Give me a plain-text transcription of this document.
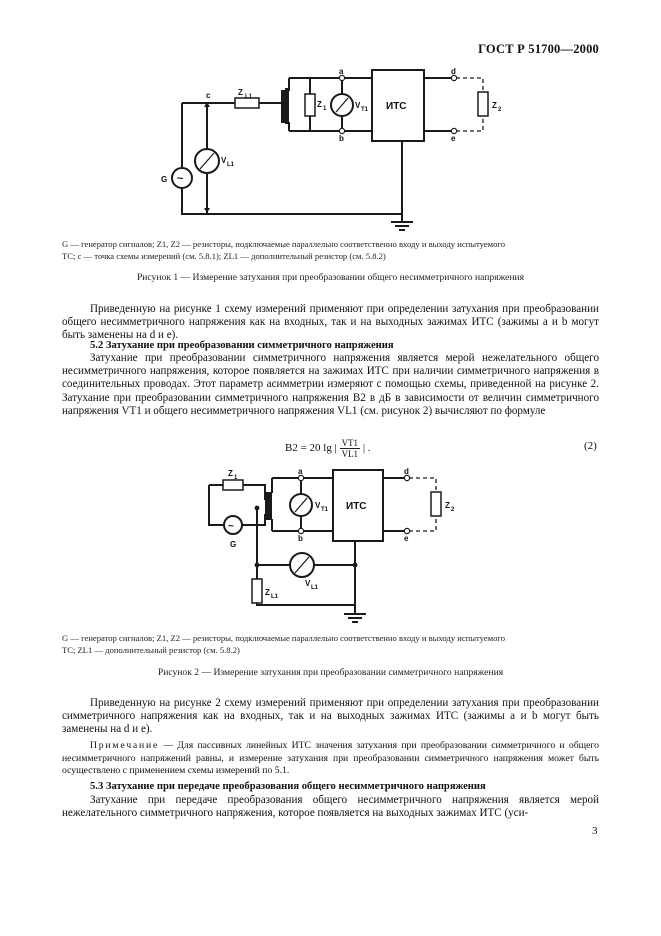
ГОСТ Р 51700—2000
ИТС
~
G
c	Z L1
Z 1	V T1
a
b
d
e
Z 2
V L1
G — генератор сигналов; Z1, Z2 — резисторы, подключаемые параллельно соответственно входу и выходу испытуемого
ТС; c — точка схемы измерений (см. 5.8.1); ZL1 — дополнительный резистор (см. 5.8.2)
Рисунок 1 — Измерение затухания при преобразовании общего несимметричного напряжения
Приведенную на рисунке 1 схему измерений применяют при определении затухания при преобразовании общего несимметричного напряжения как на входных, так и на выходных зажимах ИТС (зажимы a и b могут быть заменены на d и e).
5.2 Затухание при преобразовании симметричного напряжения
Затухание при преобразовании симметричного напряжения является мерой нежелательного общего несимметричного напряжения, которое появляется на зажимах ИТС при наличии симметричного напряжения в соединительных проводах. Этот параметр асимметрии измеряют с помощью схемы, приведенной на рисунке 2. Затухание при преобразовании симметричного напряжения B2 в дБ в зависимости от величин симметричного напряжения VT1 и общего несимметричного напряжения VL1 (см. рисунок 2) вычисляют по формуле
B2 = 20 lg | $\frac{VT1}{VL1}$ | .	(2)
~
ИТС
Z 1
G
V T1
a
b
d
e
Z 2
V L1
Z L1
G — генератор сигналов; Z1, Z2 — резисторы, подключаемые параллельно соответственно входу и выходу испытуемого
ТС; ZL1 — дополнительный резистор (см. 5.8.2)
Рисунок 2 — Измерение затухания при преобразовании симметричного напряжения
Приведенную на рисунке 2 схему измерений применяют при определении затухания при преобразовании симметричного напряжения как на входных, так и на выходных зажимах ИТС (зажимы a и b могут быть заменены на d и e).
Примечание — Для пассивных линейных ИТС значения затухания при преобразовании симметричного и общего несимметричного напряжений равны, и измерение затухания при преобразовании симметричного напряжения может быть осуществлено с применением схемы измерений по 5.1.
5.3 Затухание при передаче преобразования общего несимметричного напряжения
Затухание при передаче преобразования общего несимметричного напряжения является мерой нежелательного симметричного напряжения, которое появляется на выходных зажимах ИТС (уси-
3
